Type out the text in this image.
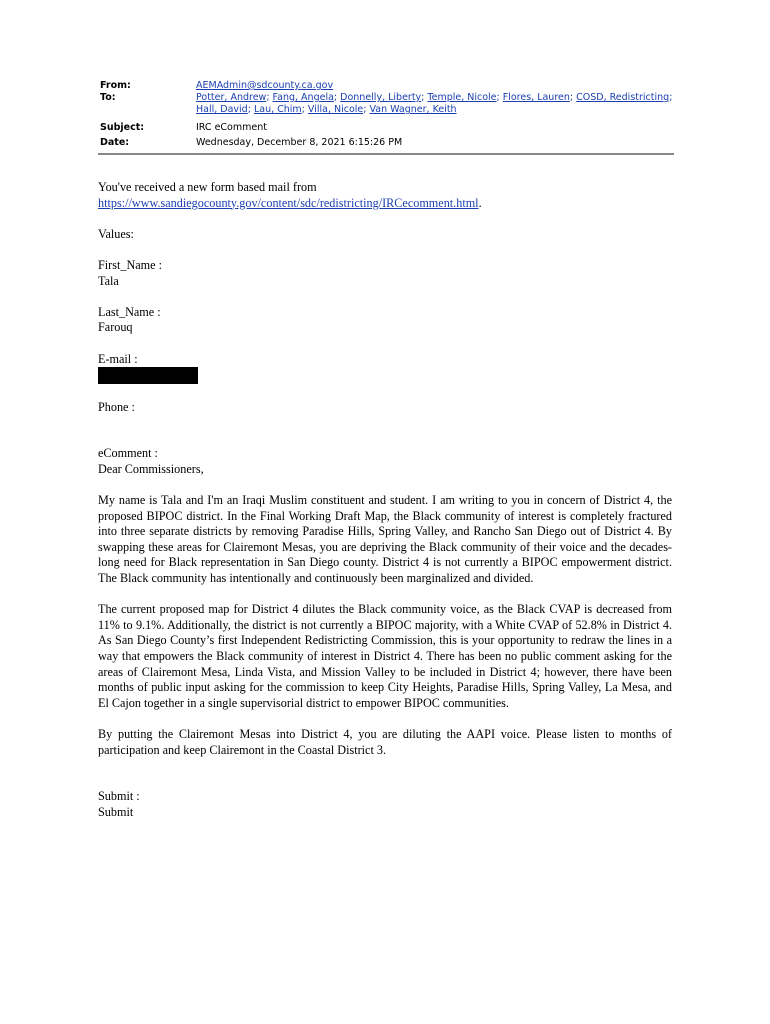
From:	AEMAdmin@sdcounty.ca.gov
To:	Potter, Andrew; Fang, Angela; Donnelly, Liberty; Temple, Nicole; Flores, Lauren; COSD, Redistricting; Hall, David; Lau, Chim; Villa, Nicole; Van Wagner, Keith
Subject:	IRC eComment
Date:	Wednesday, December 8, 2021 6:15:26 PM

You've received a new form based mail from

https://www.sandiegocounty.gov/content/sdc/redistricting/IRCecomment.html.

Values:

First_Name :

Tala

Last_Name :

Farouq

E-mail :

Phone :

eComment :

Dear Commissioners,

My name is Tala and I'm an Iraqi Muslim constituent and student. I am writing to you in concern of District 4, the proposed BIPOC district. In the Final Working Draft Map, the Black community of interest is completely fractured into three separate districts by removing Paradise Hills, Spring Valley, and Rancho San Diego out of District 4. By swapping these areas for Clairemont Mesas, you are depriving the Black community of their voice and the decades-long need for Black representation in San Diego county. District 4 is not currently a BIPOC empowerment district. The Black community has intentionally and continuously been marginalized and divided.

The current proposed map for District 4 dilutes the Black community voice, as the Black CVAP is decreased from 11% to 9.1%. Additionally, the district is not currently a BIPOC majority, with a White CVAP of 52.8% in District 4. As San Diego County’s first Independent Redistricting Commission, this is your opportunity to redraw the lines in a way that empowers the Black community of interest in District 4. There has been no public comment asking for the areas of Clairemont Mesa, Linda Vista, and Mission Valley to be included in District 4; however, there have been months of public input asking for the commission to keep City Heights, Paradise Hills, Spring Valley, La Mesa, and El Cajon together in a single supervisorial district to empower BIPOC communities.

By putting the Clairemont Mesas into District 4, you are diluting the AAPI voice. Please listen to months of participation and keep Clairemont in the Coastal District 3.

Submit :

Submit
